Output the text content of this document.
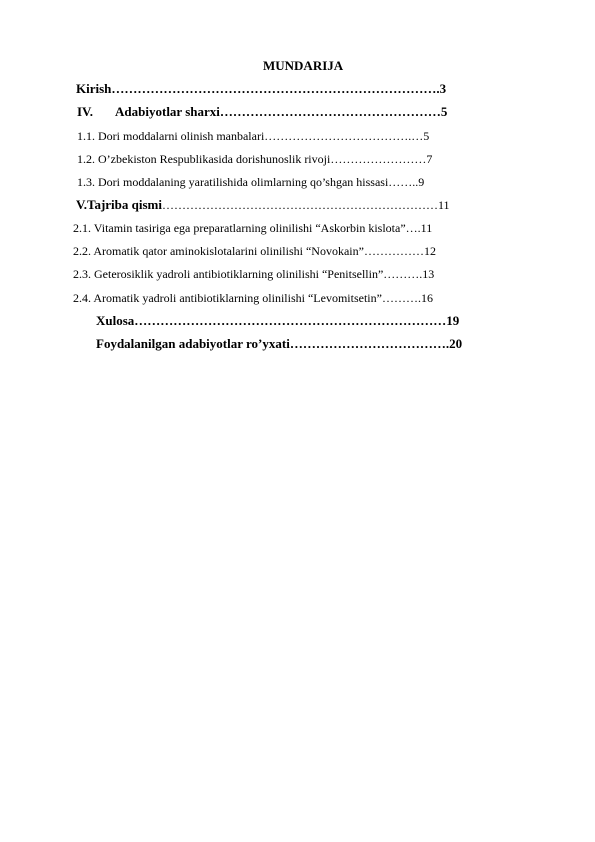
MUNDARIJA
Kirish………………………………………………………………….3
IV. Adabiyotlar sharxi……………………………………………5
1.1. Dori moddalarni olinish manbalari……………………………….…5
1.2. O’zbekiston Respublikasida dorishunoslik rivoji……………………7
1.3. Dori moddalaning yaratilishida olimlarning qo’shgan hissasi……..9
V.Tajriba qismi……………………………………………………………11
2.1. Vitamin tasiriga ega preparatlarning olinilishi “Askorbin kislota”….11
2.2. Aromatik qator aminokislotalarini olinilishi “Novokain”……………12
2.3. Geterosiklik yadroli antibiotiklarning olinilishi “Penitsellin”……….13
2.4. Aromatik yadroli antibiotiklarning olinilishi “Levomitsetin”……….16
Xulosa………………………………………………………………19
Foydalanilgan adabiyotlar ro’yxati……………………………….20
